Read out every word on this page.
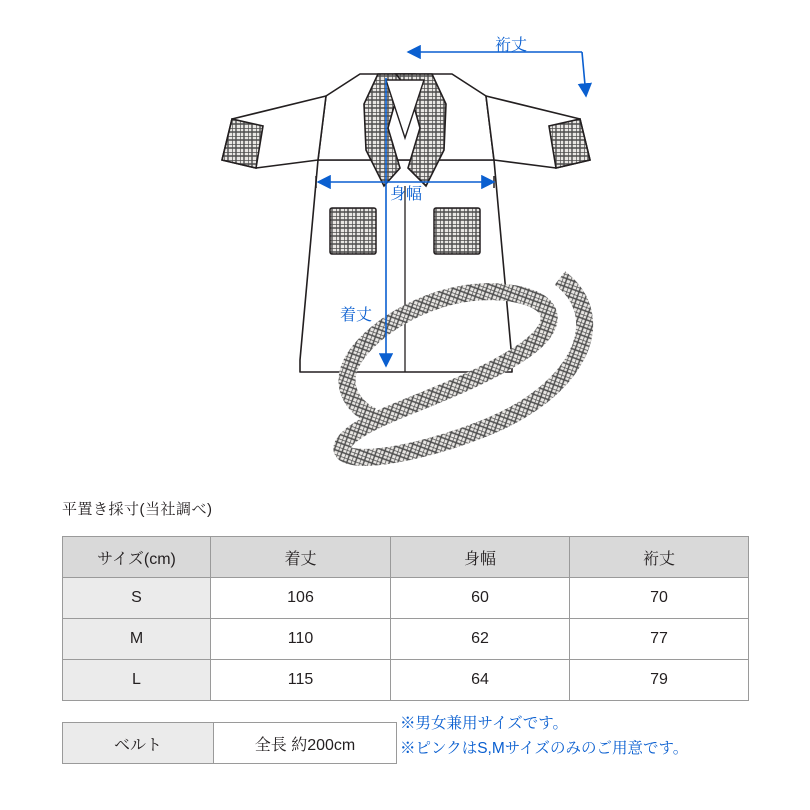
裄丈
身幅
着丈
平置き採寸(当社調べ)
サイズ(cm)	着丈	身幅	裄丈
S	106	60	70
M	110	62	77
L	115	64	79
ベルト	全長 約200cm
※男女兼用サイズです。
※ピンクはS,Mサイズのみのご用意です。
